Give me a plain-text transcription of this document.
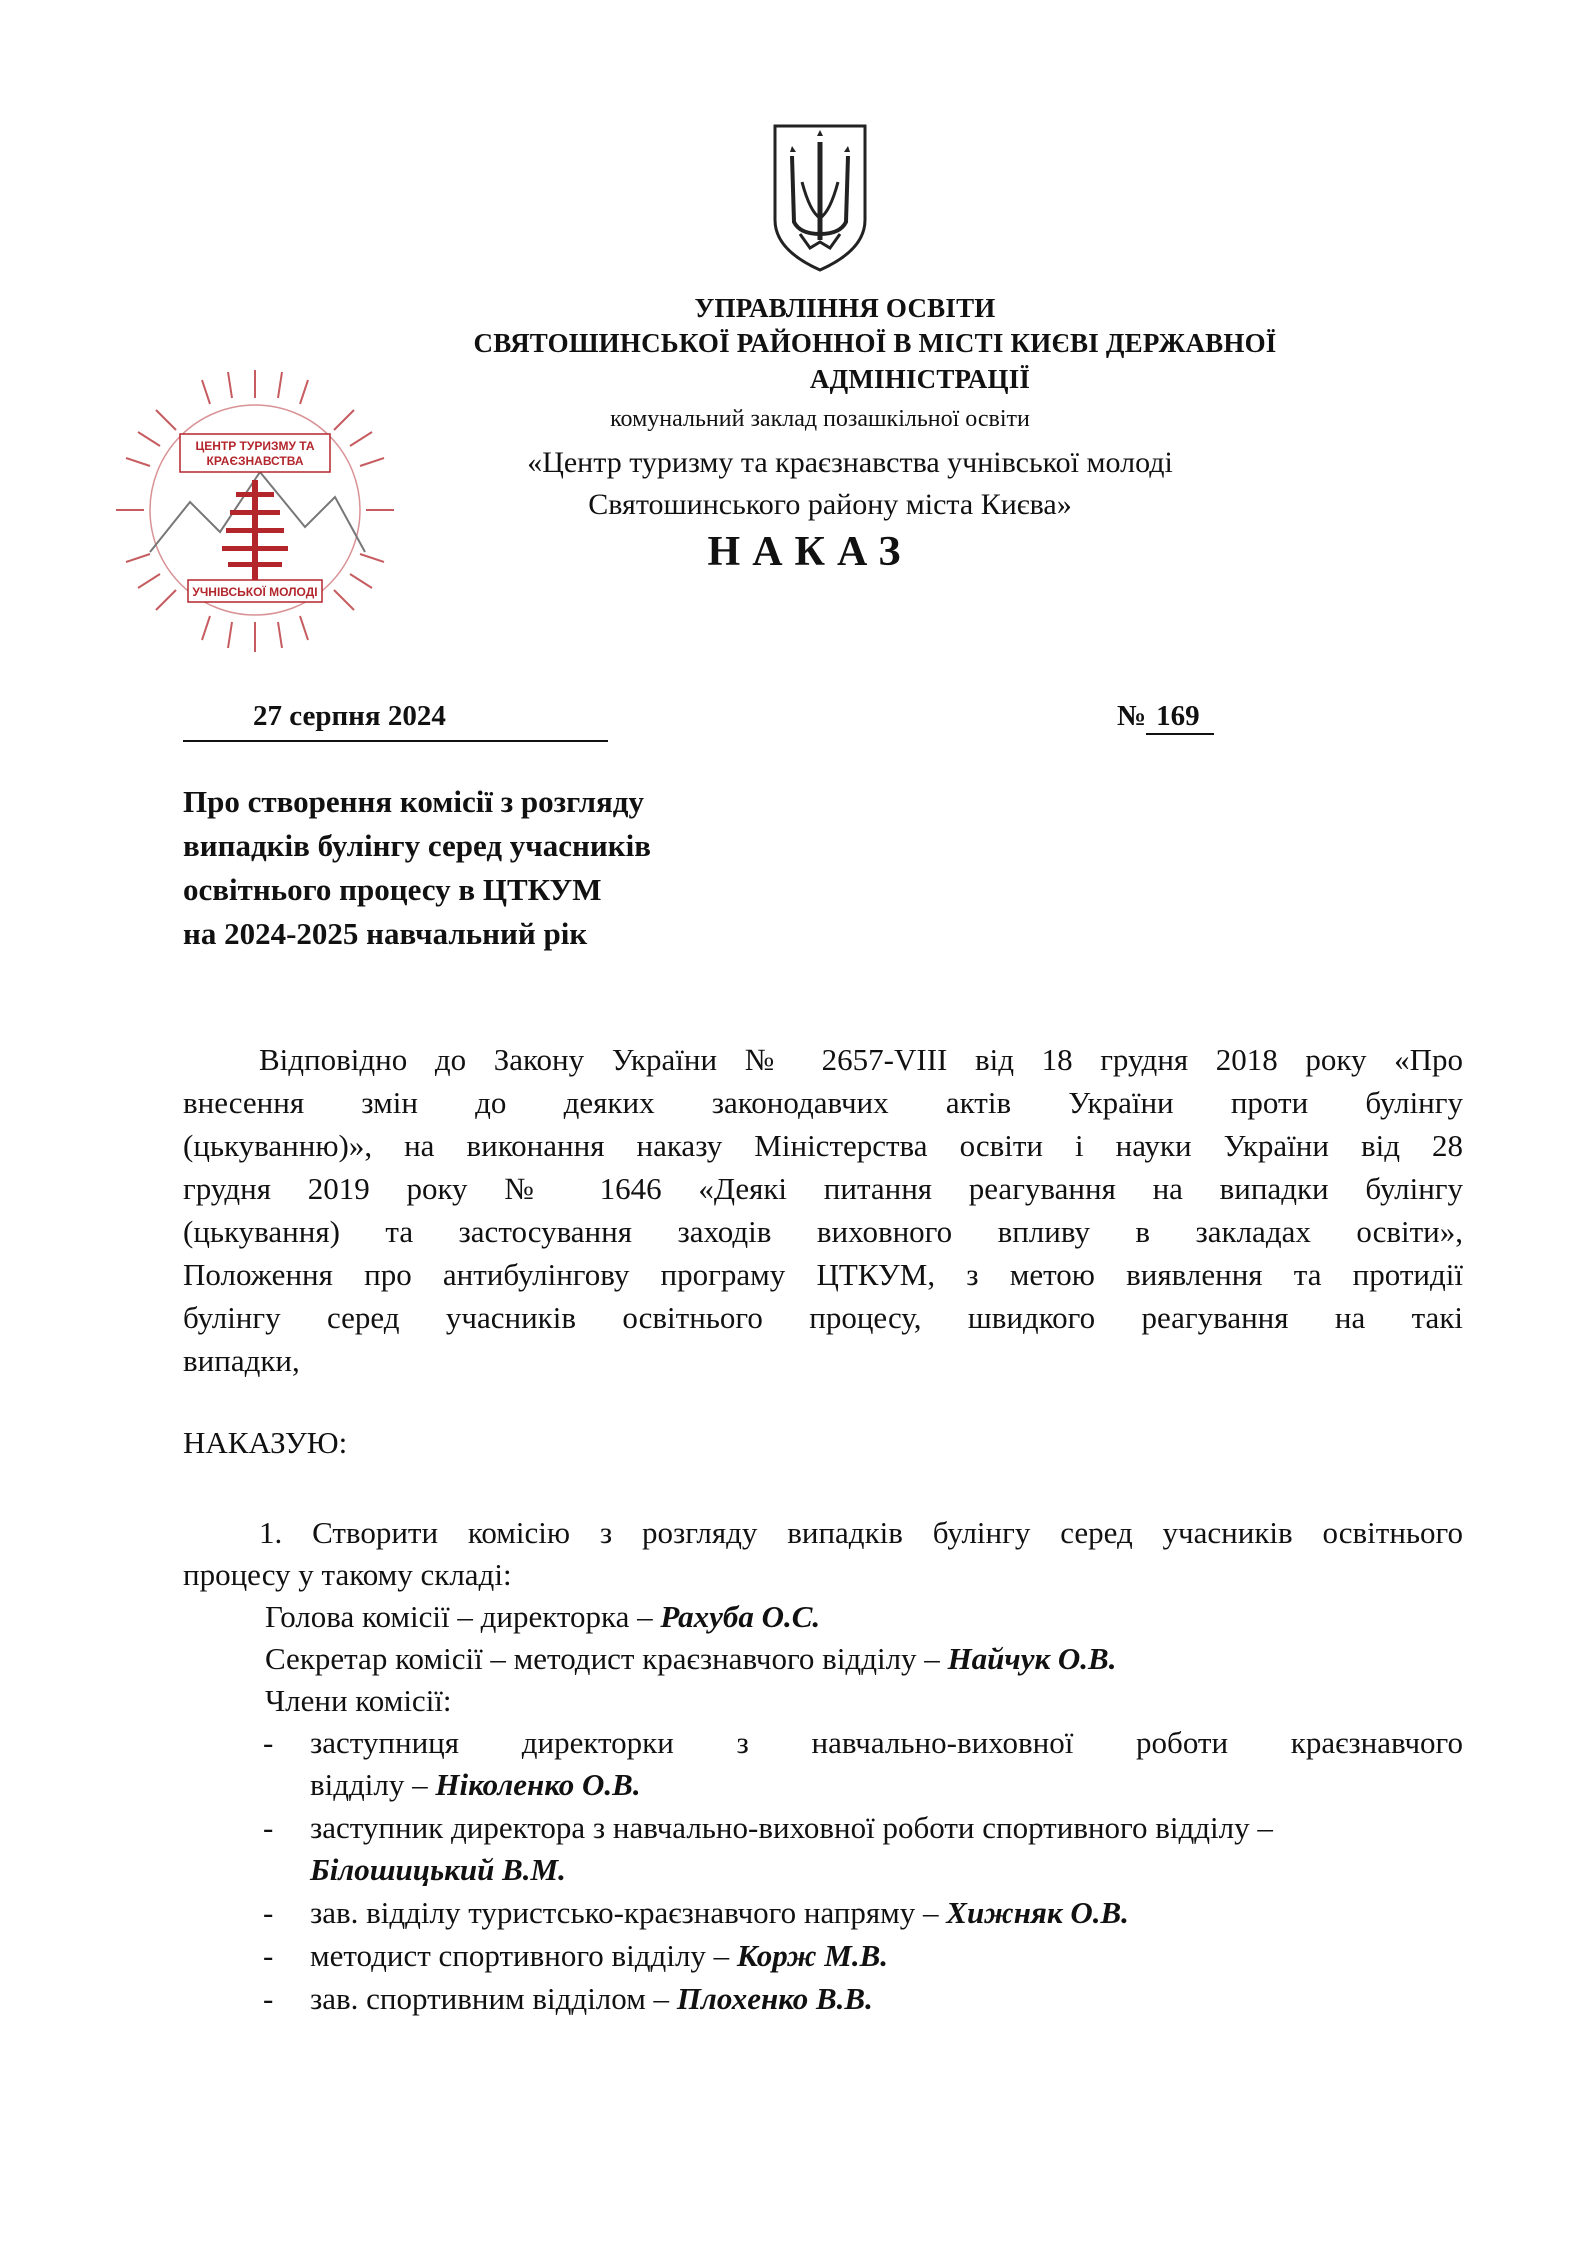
ЦЕНТР ТУРИЗМУ ТА
КРАЄЗНАВСТВА
УЧНІВСЬКОЇ МОЛОДІ
УПРАВЛІННЯ ОСВІТИ
СВЯТОШИНСЬКОЇ РАЙОННОЇ В МІСТІ КИЄВІ ДЕРЖАВНОЇ
АДМІНІСТРАЦІЇ
комунальний заклад позашкільної освіти
«Центр туризму та краєзнавства учнівської молоді
Святошинського району міста Києва»
НАКАЗ
27 серпня 2024	№ 169
Про створення комісії з розгляду
випадків булінгу серед учасників
освітнього процесу в ЦТКУМ
на 2024-2025 навчальний рік
Відповідно до Закону України № 2657-VIII від 18 грудня 2018 року «Про
внесення змін до деяких законодавчих актів України проти булінгу
(цькуванню)», на виконання наказу Міністерства освіти і науки України від 28
грудня 2019 року № 1646 «Деякі питання реагування на випадки булінгу
(цькування) та застосування заходів виховного впливу в закладах освіти»,
Положення про антибулінгову програму ЦТКУМ, з метою виявлення та протидії
булінгу серед учасників освітнього процесу, швидкого реагування на такі
випадки,
НАКАЗУЮ:
1. Створити комісію з розгляду випадків булінгу серед учасників освітнього
процесу у такому складі:
Голова комісії – директорка – Рахуба О.С.
Секретар комісії – методист краєзнавчого відділу – Найчук О.В.
Члени комісії:
- заступниця директорки з навчально-виховної роботи краєзнавчого
відділу – Ніколенко О.В.
- заступник директора з навчально-виховної роботи спортивного відділу –
Білошицький В.М.
- зав. відділу туристсько-краєзнавчого напряму – Хижняк О.В.
- методист спортивного відділу – Корж М.В.
- зав. спортивним відділом – Плохенко В.В.
